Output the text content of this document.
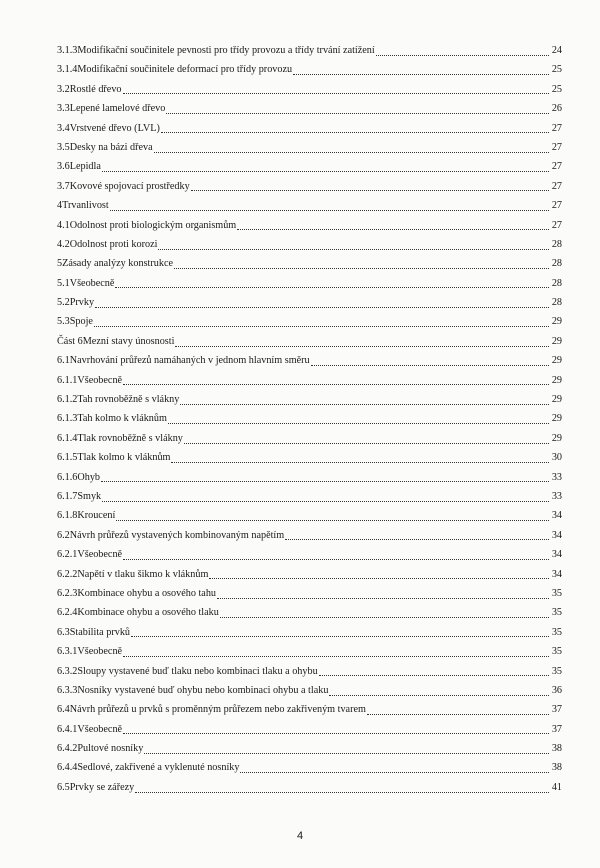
3.1.3Modifikační součinitele pevnosti pro třídy provozu a třídy trvání zatížení	24
3.1.4Modifikační součinitele deformací pro třídy provozu	25
3.2Rostlé dřevo	25
3.3Lepené lamelové dřevo	26
3.4Vrstvené dřevo (LVL)	27
3.5Desky na bázi dřeva	27
3.6Lepidla	27
3.7Kovové spojovací prostředky	27
4Trvanlivost	27
4.1Odolnost proti biologickým organismům	27
4.2Odolnost proti korozi	28
5Zásady analýzy konstrukce	28
5.1Všeobecně	28
5.2Prvky	28
5.3Spoje	29
Část 6Mezní stavy únosnosti	29
6.1Navrhování průřezů namáhaných v jednom hlavním směru	29
6.1.1Všeobecně	29
6.1.2Tah rovnoběžně s vlákny	29
6.1.3Tah kolmo k vláknům	29
6.1.4Tlak rovnoběžně s vlákny	29
6.1.5Tlak kolmo k vláknům	30
6.1.6Ohyb	33
6.1.7Smyk	33
6.1.8Kroucení	34
6.2Návrh průřezů vystavených kombinovaným napětím	34
6.2.1Všeobecně	34
6.2.2Napětí v tlaku šikmo k vláknům	34
6.2.3Kombinace ohybu a osového tahu	35
6.2.4Kombinace ohybu a osového tlaku	35
6.3Stabilita prvků	35
6.3.1Všeobecně	35
6.3.2Sloupy vystavené buď tlaku nebo kombinaci tlaku a ohybu	35
6.3.3Nosníky vystavené buď ohybu nebo kombinaci ohybu a tlaku	36
6.4Návrh průřezů u prvků s proměnným průřezem nebo zakřiveným tvarem	37
6.4.1Všeobecně	37
6.4.2Pultové nosníky	38
6.4.4Sedlové, zakřivené a vyklenuté nosníky	38
6.5Prvky se zářezy	41
4
